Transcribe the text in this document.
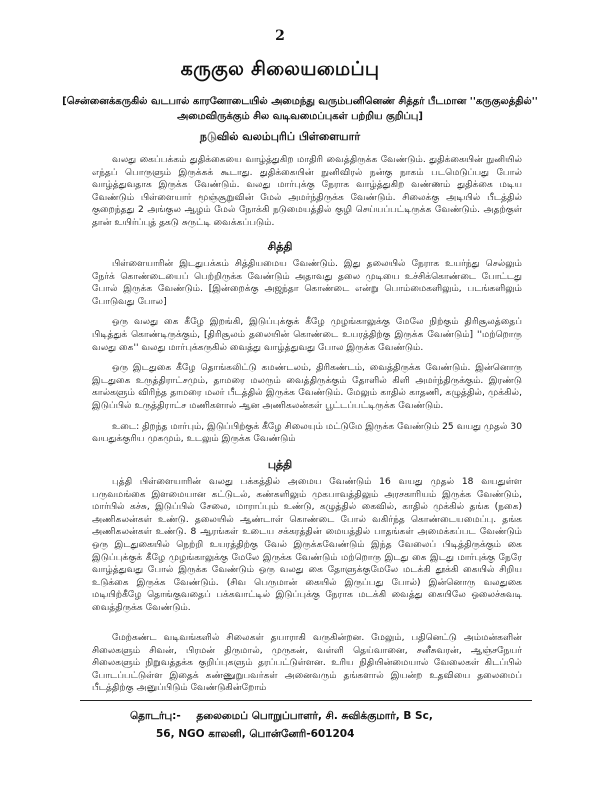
2
கருகுல சிலையமைப்பு
[சென்னைக்கருகில் வடபால் காரனோடையில் அமைந்து வரும்பனினெண் சித்தர் பீடமான ''கருகுலத்தில்'' அமைவிருக்கும் சில வடிவமைப்புகள் பற்றிய குறிப்பு]
நடுவில் வலம்புரிப் பிள்ளையார்

வலது கைப்பக்கம் துதிக்கையை வாழ்த்துகிற மாதிரி வைத்திருக்க வேண்டும். துதிக்கையின் நுனியில் எந்தப் பொருளும் இருக்கக் கூடாது. துதிக்கையின் நுனிவிரல் நன்கு நாகம் படமெடுப்பது போல் வாழ்த்துவதாக இருக்க வேண்டும். வலது மார்புக்கு நேராக வாழ்த்துகிற வண்ணம் துதிக்கை மடிய வேண்டும் பிள்ளையார் மூஞ்சூறுவின் மேல் அமர்ந்திருக்க வேண்டும். சிலைக்கு அடியில் பீடத்தில் குறைந்தது 2 அங்குல ஆழம் மேல் நோக்கி நடுமையத்தில் குழி செய்யப்பட்டிருக்க வேண்டும். அதற்குள் தான் உயிர்ப்புத் தகடு சுருட்டி வைக்கப்படும்.

சித்தி

பிள்ளையாரின் இடதுபக்கம் சித்தியமைய வேண்டும். இது தலையில் நேராக உயர்ந்து செல்லும் நேர்க் கொண்டையைப் பெற்றிருக்க வேண்டும் அதாவது தலை முடியை உச்சிக்கொண்டை போட்டது போல் இருக்க வேண்டும். [இன்றைக்கு அஜந்தா கொண்டை என்று பொம்மைகளிலும், படங்களிலும் போடுவது போல]

ஒரு வலது கை கீழே இறங்கி, இடுப்புக்குக் கீழே முழங்காலுக்கு மேலே நிற்கும் திரிசூலத்தைப் பிடித்துக் கொண்டிருக்கும், [திரிசூலம் தலையின் கொண்டை உயரத்திற்கு இருக்க வேண்டும்] ''மற்றொரு வலது கை'' வலது மார்புக்கருகில் வைத்து வாழ்த்துவது போல இருக்க வேண்டும்.

ஒரு இடதுகை கீழே தொங்கலிட்டு கமண்டலம், திரிகண்டம், வைத்திருக்க வேண்டும். இன்னொரு இடதுகை உருத்திராட்சமும், தாமரை மலரும் வைத்திருக்கும் தோளில் கிளி அமர்ந்திருக்கும். இரண்டு கால்களும் விரிந்த தாமரை மலர் பீடத்தில் இருக்க வேண்டும். மேலும் காதில் காதணி, கழுத்தில், முக்கில், இடுப்பில் உருத்திராட்ச மணிகளால் ஆன அணிகலன்கள் பூட்டப்பட்டிருக்க வேண்டும்.

உடை: திறந்த மார்பும், இடுப்பிற்குக் கீழே சிலையும் மட்டுமே இருக்க வேண்டும் 25 வயது முதல் 30 வயதுக்குரிய முகமும், உடலும் இருக்க வேண்டும்

புத்தி

புத்தி பிள்ளையாரின் வலது பக்கத்தில் அமைய வேண்டும் 16 வயது முதல் 18 வயதுள்ள பருவமங்கை இளமையான கட்டுடல், கண்களிலும் முகபாவத்திலும் அரசகாரியம் இருக்க வேண்டும், மார்பில் கச்சு, இடுப்பில் சேலை, மாராப்பும் உண்டு, கழுத்தில் கைவில், காதில் முக்கில் தங்க (நகை) அணிகலன்கள் உண்டு. தலையில் ஆண்டாள் கொண்டை போல் வகிர்ந்த கொண்டையமைப்பு. தங்க அணிகலன்கள் உண்டு. 8 ஆரங்கள் உடைய சக்கரத்தின் மையத்தில் பாதங்கள் அமைக்கப்பட வேண்டும் ஒரு இடதுகையில் நெற்றி உயரத்திற்கு வேல் இருக்கவேண்டும் இந்த வேலைப் பிடித்திருக்கும் கை இடுப்புக்குக் கீழே முழங்காலுக்கு மேலே இருக்க வேண்டும் மற்றொரு இடது கை இடது மார்புக்கு நேரே வாழ்த்துவது போல் இருக்க வேண்டும் ஒரு வலது கை தோளுக்குமேலே மடக்கி தூக்கி கையில் சிறிய உடுக்கை இருக்க வேண்டும். (சிவ பெருமான் கையில் இருப்பது போல்) இன்னொரு வலதுகை மடியிற்கீழே தொங்குவதைப் பக்கவாட்டில் இடுப்புக்கு நேராக மடக்கி வைத்து கையிலே ஒலைச்சுவடி வைத்திருக்க வேண்டும்.

மேற்கண்ட வடிவங்களில் சிலைகள் தயாராகி வருகின்றன. மேலும், பதினெட்டு அம்மன்களின் சிலைகளும் சிவன், பிரமன் திருமால், முருகன், வள்ளி தெய்வானை, சனீசுவரன், ஆஞ்சநேயர் சிலைகளும் நிறுவத்தக்க குறிப்புகளும் தரப்பட்டுள்ளன. உரிய நிதியின்மையால் வேலைகள் கிடப்பில் போடப்பட்டுள்ள இதைக் கண்ணுறுபவர்கள் அனைவரும் தங்களால் இயன்ற உதவியை தலைமைப் பீடத்திற்கு அனுப்பிடும் வேண்டுகின்றோம்

தொடர்பு:- தலைமைப் பொறுப்பாளர், சி. சுவிக்குமார், B Sc,
56, NGO காலனி, பொன்னேரி-601204
